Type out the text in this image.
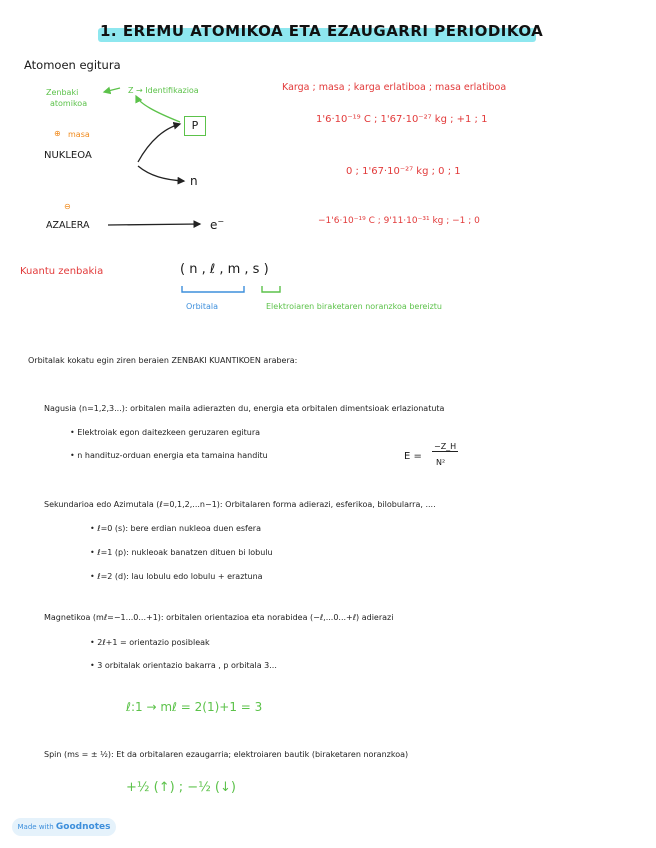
1. EREMU ATOMIKOA ETA EZAUGARRI PERIODIKOA
Atomoen egitura
Zenbaki
atomikoa
Z → Identifikazioa
⊕ masa
NUKLEOA
P
n
⊖
AZALERA	e−
Karga ; masa ; karga erlatiboa ; masa erlatiboa
1'6·10⁻¹⁹ C ; 1'67·10⁻²⁷ kg ; +1 ; 1
0 ; 1'67·10⁻²⁷ kg ; 0 ; 1
−1'6·10⁻¹⁹ C ; 9'11·10⁻³¹ kg ; −1 ; 0
Kuantu zenbakia	( n , ℓ , m , s )
Orbitala	Elektroiaren biraketaren noranzkoa bereiztu
Orbitalak kokatu egin ziren beraien ZENBAKI KUANTIKOEN arabera:
Nagusia (n=1,2,3...): orbitalen maila adierazten du, energia eta orbitalen dimentsioak erlazionatuta
• Elektroiak egon daitezkeen geruzaren egitura
• n handituz-orduan energia eta tamaina handitu	E =
−Z_H
N²
Sekundarioa edo Azimutala (ℓ=0,1,2,...n−1): Orbitalaren forma adierazi, esferikoa, bilobularra, ....
• ℓ=0 (s): bere erdian nukleoa duen esfera
• ℓ=1 (p): nukleoak banatzen dituen bi lobulu
• ℓ=2 (d): lau lobulu edo lobulu + eraztuna
Magnetikoa (mℓ=−1...0...+1): orbitalen orientazioa eta norabidea (−ℓ,...0...+ℓ) adierazi
• 2ℓ+1 = orientazio posibleak
• 3 orbitalak orientazio bakarra , p orbitala 3...
ℓ:1 → mℓ = 2(1)+1 = 3
Spin (ms = ± ½): Et da orbitalaren ezaugarria; elektroiaren bautik (biraketaren noranzkoa)
+½ (↑) ; −½ (↓)
Made with Goodnotes
